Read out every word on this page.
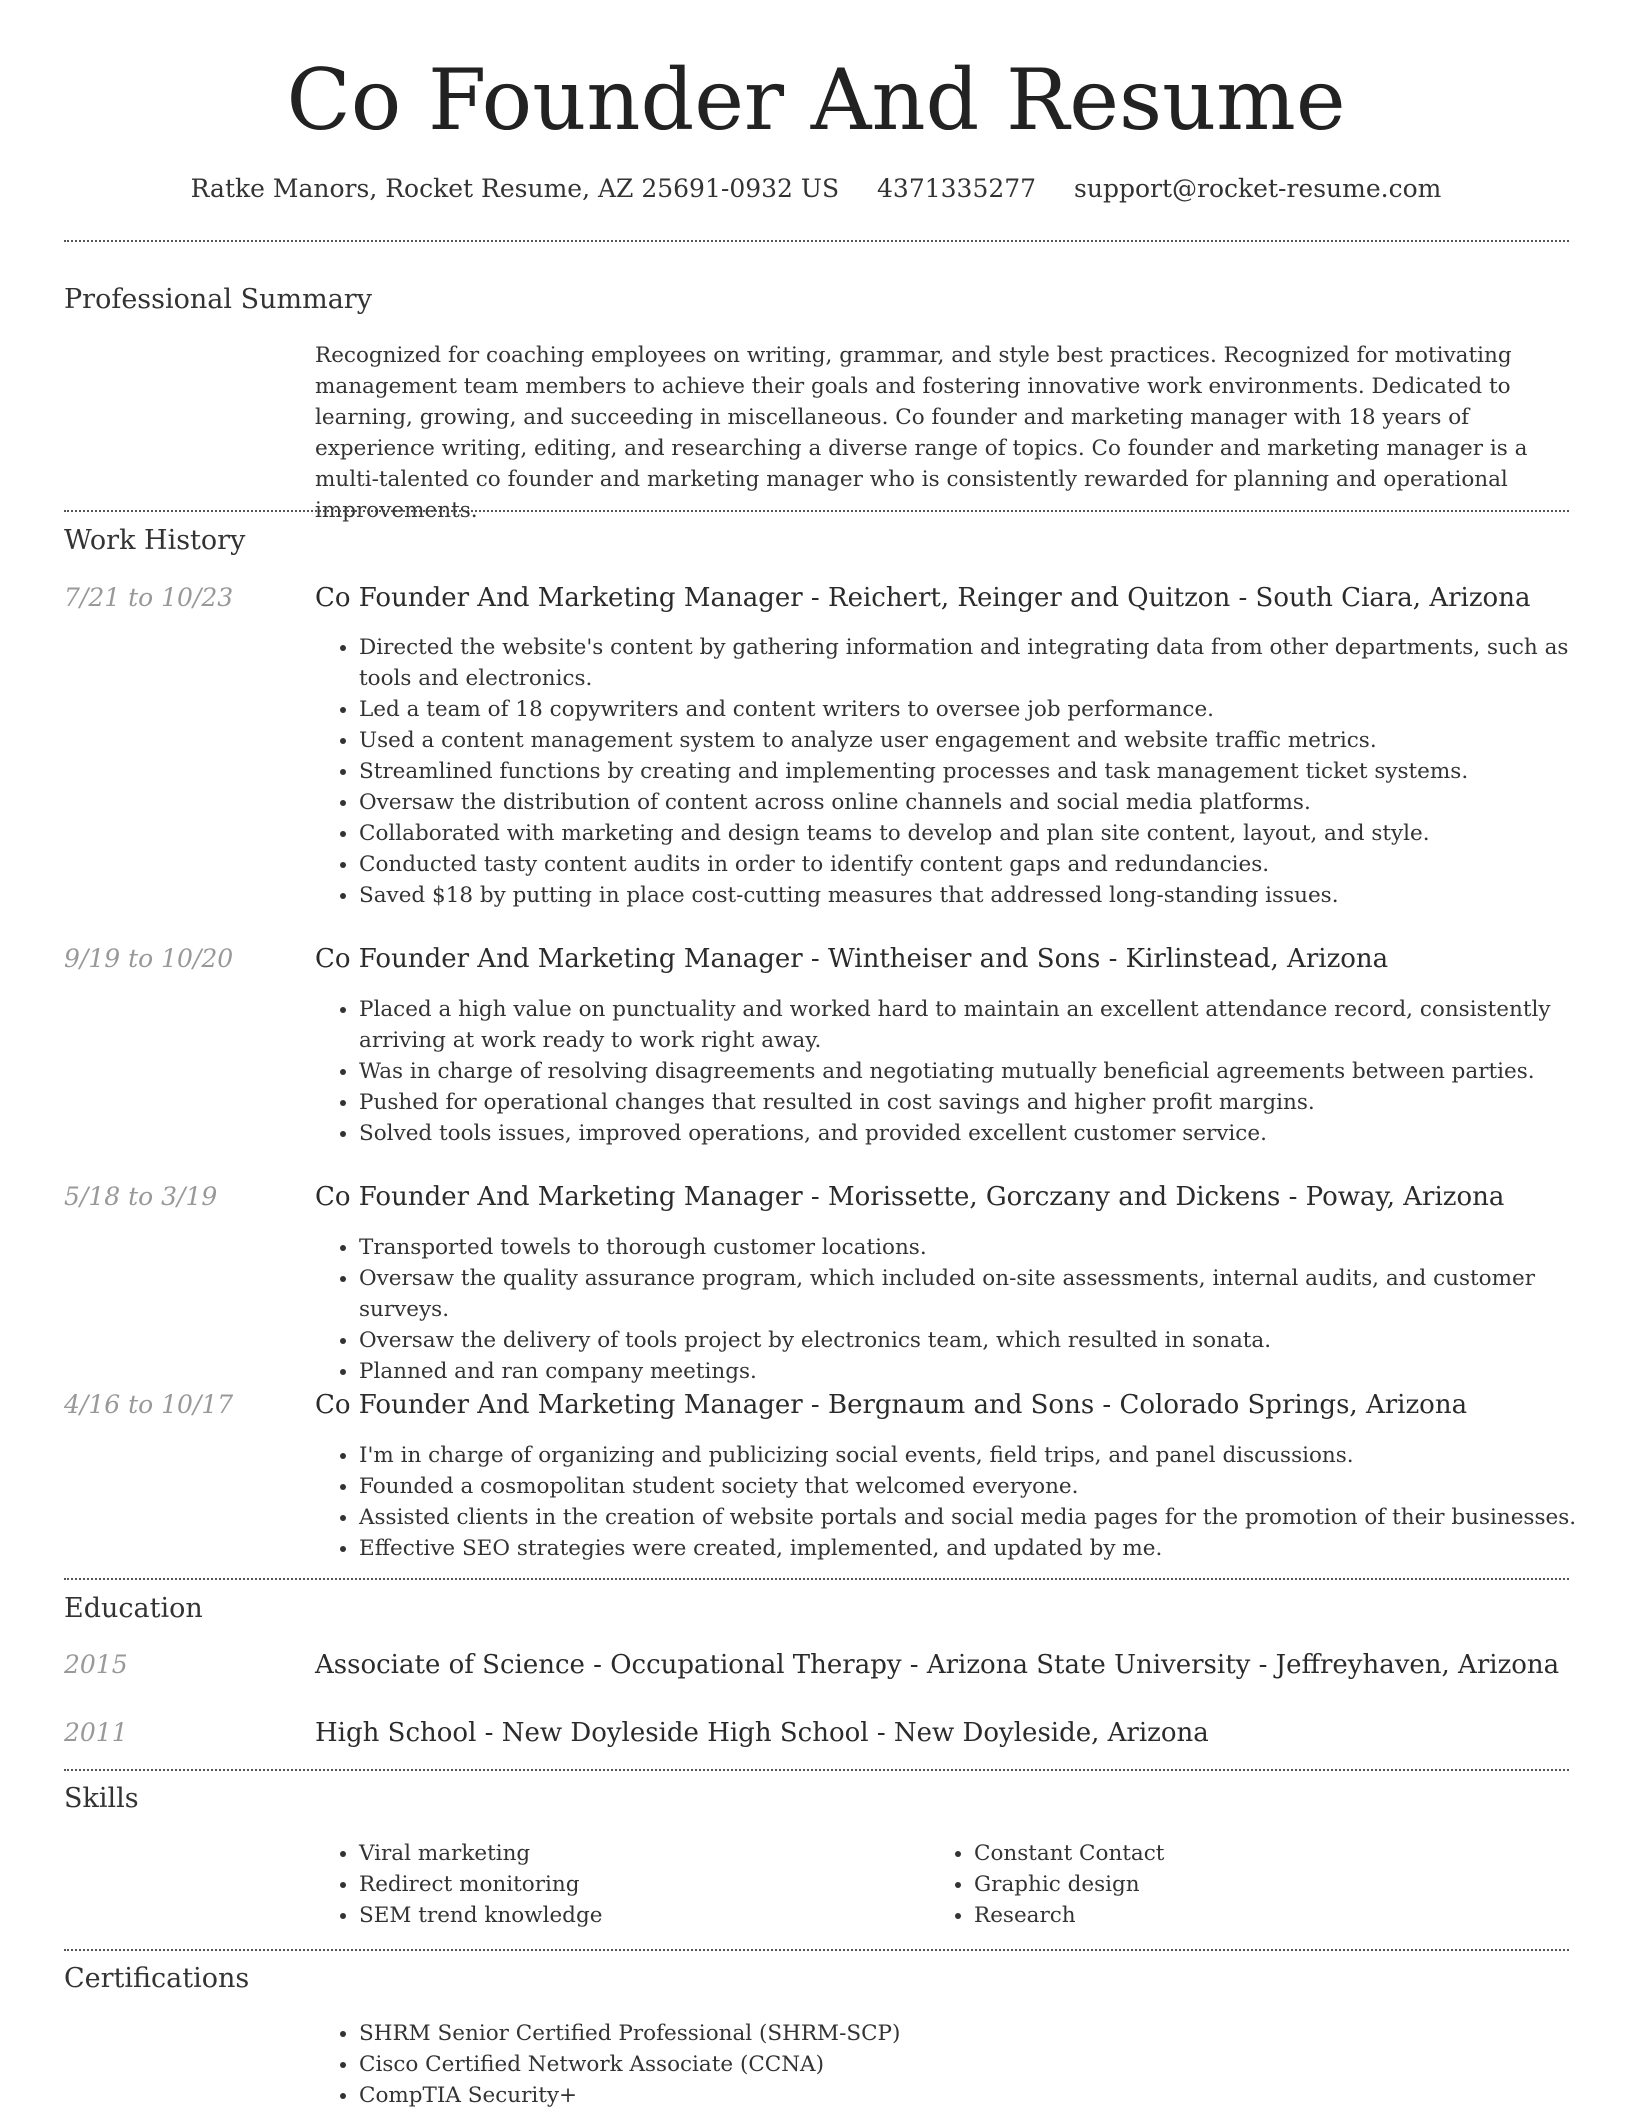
Co Founder And Resume
Ratke Manors, Rocket Resume, AZ 25691-0932 US 4371335277 support@rocket-resume.com
Professional Summary

Recognized for coaching employees on writing, grammar, and style best practices. Recognized for motivating management team members to achieve their goals and fostering innovative work environments. Dedicated to learning, growing, and succeeding in miscellaneous. Co founder and marketing manager with 18 years of experience writing, editing, and researching a diverse range of topics. Co founder and marketing manager is a multi-talented co founder and marketing manager who is consistently rewarded for planning and operational improvements.

Work History
7/21 to 10/23	Co Founder And Marketing Manager - Reichert, Reinger and Quitzon - South Ciara, Arizona
• Directed the website's content by gathering information and integrating data from other departments, such as tools and electronics.
• Led a team of 18 copywriters and content writers to oversee job performance.
• Used a content management system to analyze user engagement and website traffic metrics.
• Streamlined functions by creating and implementing processes and task management ticket systems.
• Oversaw the distribution of content across online channels and social media platforms.
• Collaborated with marketing and design teams to develop and plan site content, layout, and style.
• Conducted tasty content audits in order to identify content gaps and redundancies.
• Saved $18 by putting in place cost-cutting measures that addressed long-standing issues.
9/19 to 10/20	Co Founder And Marketing Manager - Wintheiser and Sons - Kirlinstead, Arizona
• Placed a high value on punctuality and worked hard to maintain an excellent attendance record, consistently arriving at work ready to work right away.
• Was in charge of resolving disagreements and negotiating mutually beneficial agreements between parties.
• Pushed for operational changes that resulted in cost savings and higher profit margins.
• Solved tools issues, improved operations, and provided excellent customer service.
5/18 to 3/19	Co Founder And Marketing Manager - Morissette, Gorczany and Dickens - Poway, Arizona
• Transported towels to thorough customer locations.
• Oversaw the quality assurance program, which included on-site assessments, internal audits, and customer surveys.
• Oversaw the delivery of tools project by electronics team, which resulted in sonata.
• Planned and ran company meetings.
4/16 to 10/17	Co Founder And Marketing Manager - Bergnaum and Sons - Colorado Springs, Arizona
• I'm in charge of organizing and publicizing social events, field trips, and panel discussions.
• Founded a cosmopolitan student society that welcomed everyone.
• Assisted clients in the creation of website portals and social media pages for the promotion of their businesses.
• Effective SEO strategies were created, implemented, and updated by me.
Education
2015	Associate of Science - Occupational Therapy - Arizona State University - Jeffreyhaven, Arizona
2011	High School - New Doyleside High School - New Doyleside, Arizona
Skills
• Viral marketing
• Redirect monitoring
• SEM trend knowledge
• Constant Contact
• Graphic design
• Research
Certifications
• SHRM Senior Certified Professional (SHRM-SCP)
• Cisco Certified Network Associate (CCNA)
• CompTIA Security+
